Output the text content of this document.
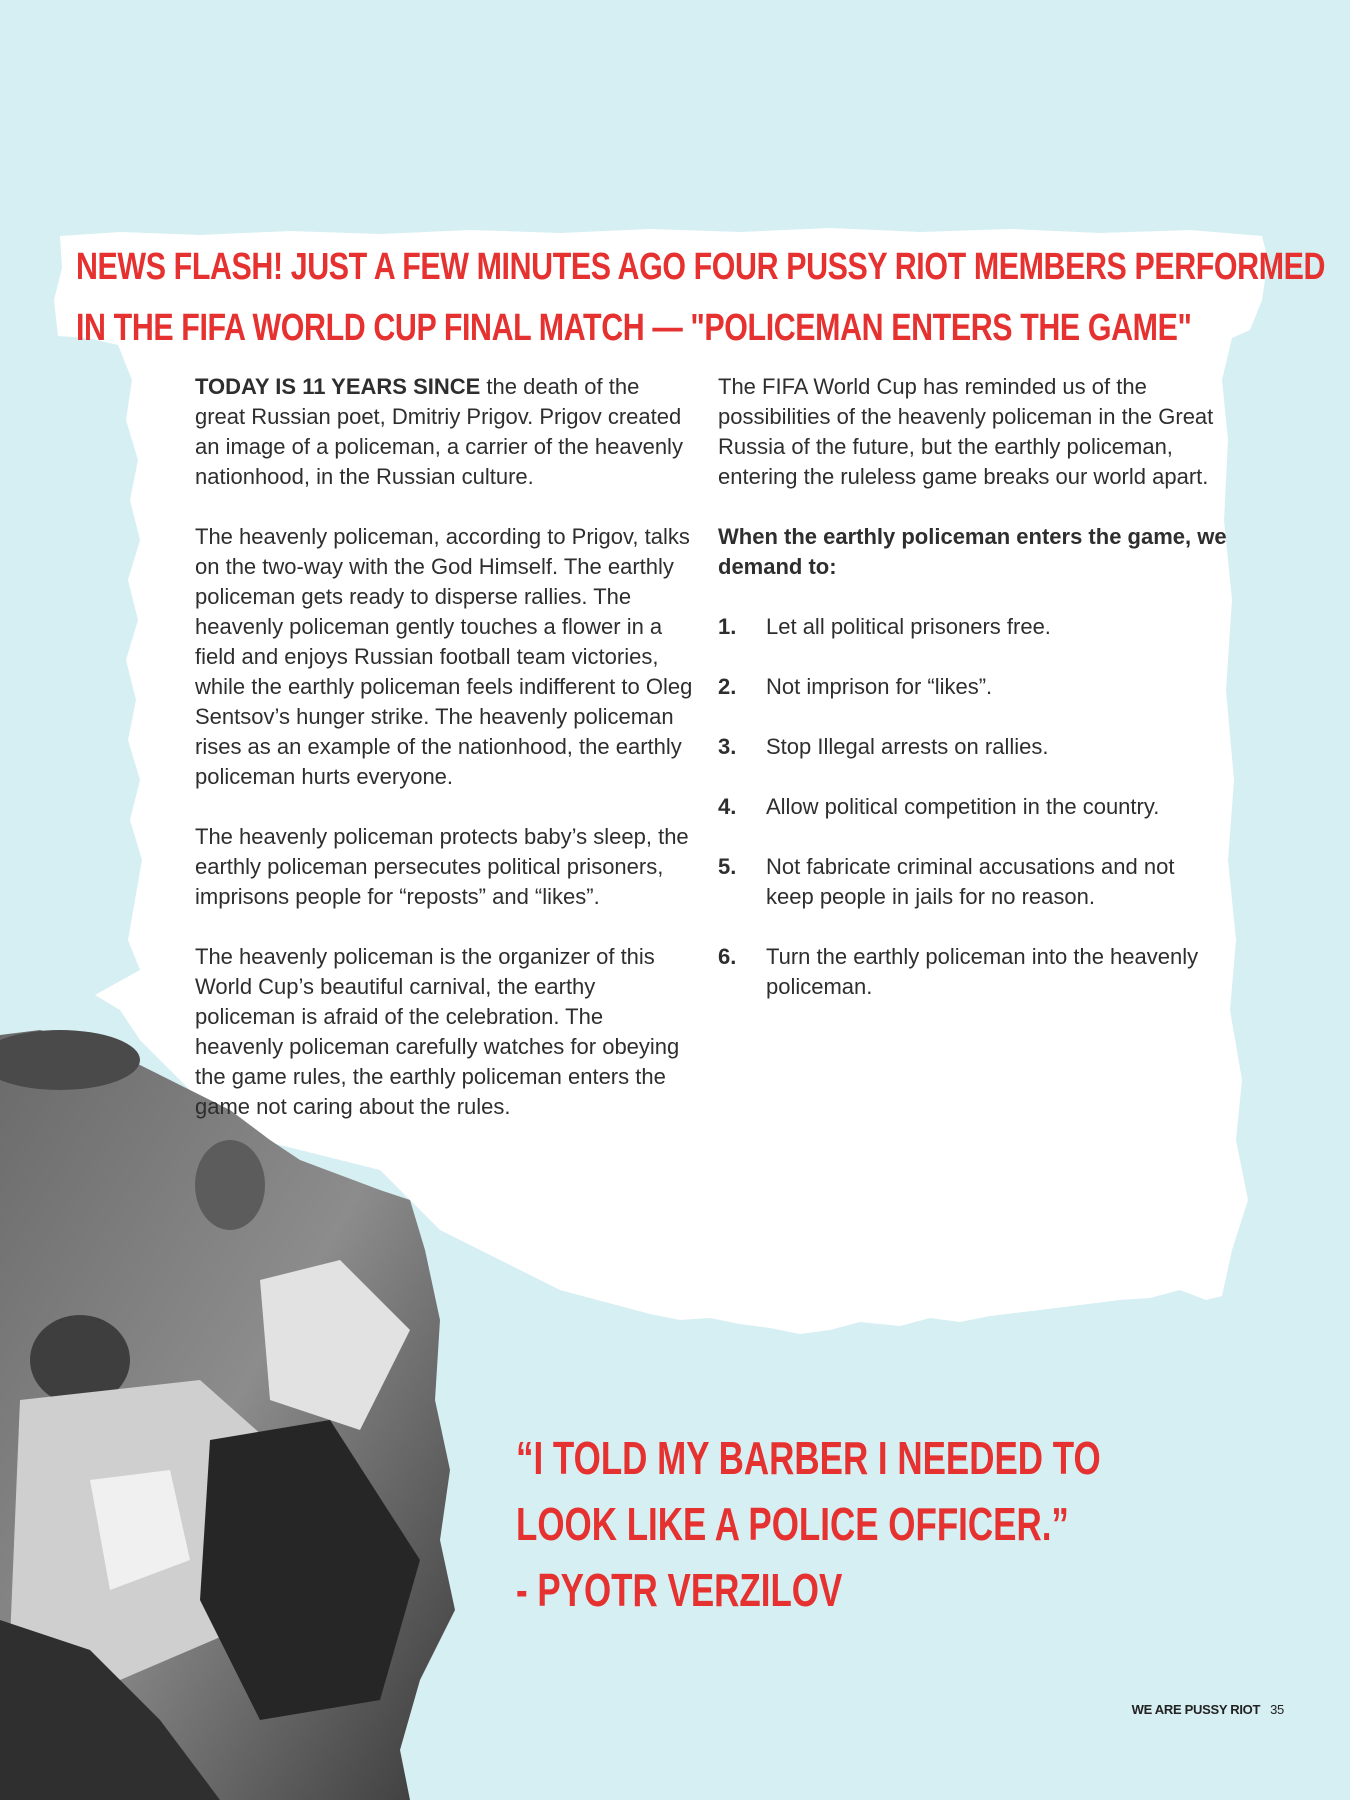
NEWS FLASH! JUST A FEW MINUTES AGO FOUR PUSSY RIOT MEMBERS PERFORMED
IN THE FIFA WORLD CUP FINAL MATCH — "POLICEMAN ENTERS THE GAME"

TODAY IS 11 YEARS SINCE the death of the great Russian poet, Dmitriy Prigov. Prigov created an image of a policeman, a carrier of the heavenly nationhood, in the Russian culture.

The heavenly policeman, according to Prigov, talks on the two-way with the God Himself. The earthly policeman gets ready to disperse rallies. The heavenly policeman gently touches a flower in a field and enjoys Russian football team victories, while the earthly policeman feels indifferent to Oleg Sentsov’s hunger strike. The heavenly policeman rises as an example of the nationhood, the earthly policeman hurts everyone.

The heavenly policeman protects baby’s sleep, the earthly policeman persecutes political prisoners, imprisons people for “reposts” and “likes”.

The heavenly policeman is the organizer of this World Cup’s beautiful carnival, the earthy policeman is afraid of the celebration. The heavenly policeman carefully watches for obeying the game rules, the earthly policeman enters the game not caring about the rules.

The FIFA World Cup has reminded us of the possibilities of the heavenly policeman in the Great Russia of the future, but the earthly policeman, entering the ruleless game breaks our world apart.

When the earthly policeman enters the game, we demand to:
1.	Let all political prisoners free.
2.	Not imprison for “likes”.
3.	Stop Illegal arrests on rallies.
4.	Allow political competition in the country.
5.	Not fabricate criminal accusations and not keep people in jails for no reason.
6.	Turn the earthly policeman into the heavenly policeman.
“I TOLD MY BARBER I NEEDED TO
LOOK LIKE A POLICE OFFICER.”
- PYOTR VERZILOV
WE ARE PUSSY RIOT 35
